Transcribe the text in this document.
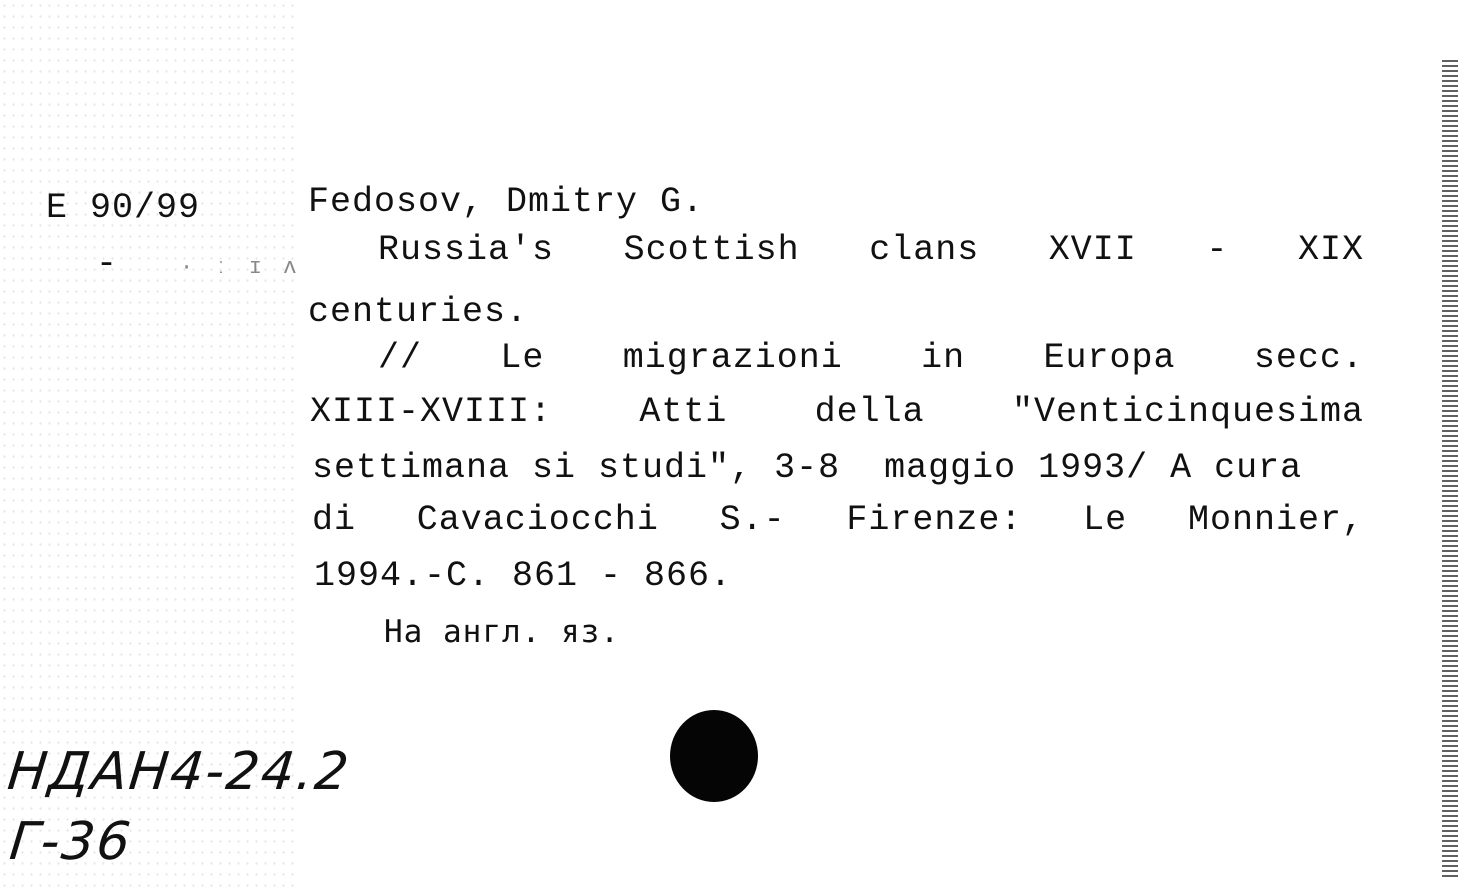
· ː ɪ ʌ
E 90/99
-
Fedosov, Dmitry G.
Russia's Scottish clans XVII - XIX
centuries.
// Le migrazioni in Europa secc.
XIII-XVIII: Atti della "Venticinquesima
settimana si studi", 3-8  maggio 1993/ A cura
di Cavaciocchi S.- Firenze: Le Monnier,
1994.-C. 861 - 866.
На англ. яз.
НДАН4-24.2
Г-36
